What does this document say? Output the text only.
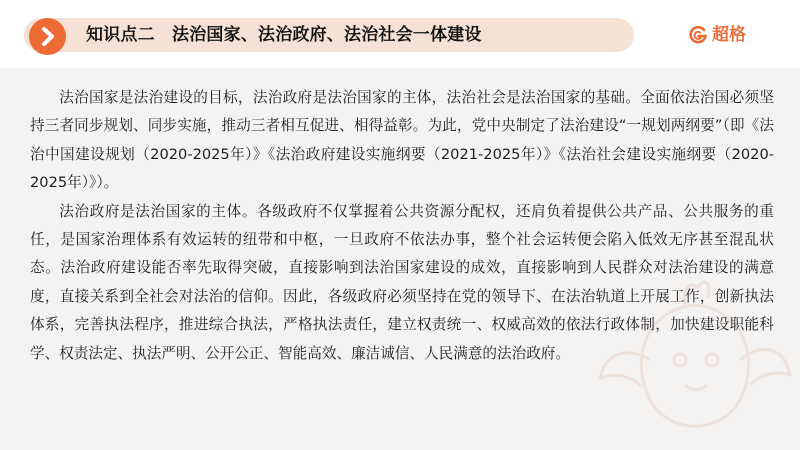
知识点二　法治国家、法治政府、法治社会一体建设	超格

法治国家是法治建设的目标，法治政府是法治国家的主体，法治社会是法治国家的基础。全面依法治国必须坚持三者同步规划、同步实施，推动三者相互促进、相得益彰。为此，党中央制定了法治建设“一规划两纲要”（即《法治中国建设规划（2020-2025年）》《法治政府建设实施纲要（2021-2025年）》《法治社会建设实施纲要（2020-2025年）》）。

法治政府是法治国家的主体。各级政府不仅掌握着公共资源分配权，还肩负着提供公共产品、公共服务的重任，是国家治理体系有效运转的纽带和中枢，一旦政府不依法办事，整个社会运转便会陷入低效无序甚至混乱状态。法治政府建设能否率先取得突破，直接影响到法治国家建设的成效，直接影响到人民群众对法治建设的满意度，直接关系到全社会对法治的信仰。因此，各级政府必须坚持在党的领导下、在法治轨道上开展工作，创新执法体系，完善执法程序，推进综合执法，严格执法责任，建立权责统一、权威高效的依法行政体制，加快建设职能科学、权责法定、执法严明、公开公正、智能高效、廉洁诚信、人民满意的法治政府。
